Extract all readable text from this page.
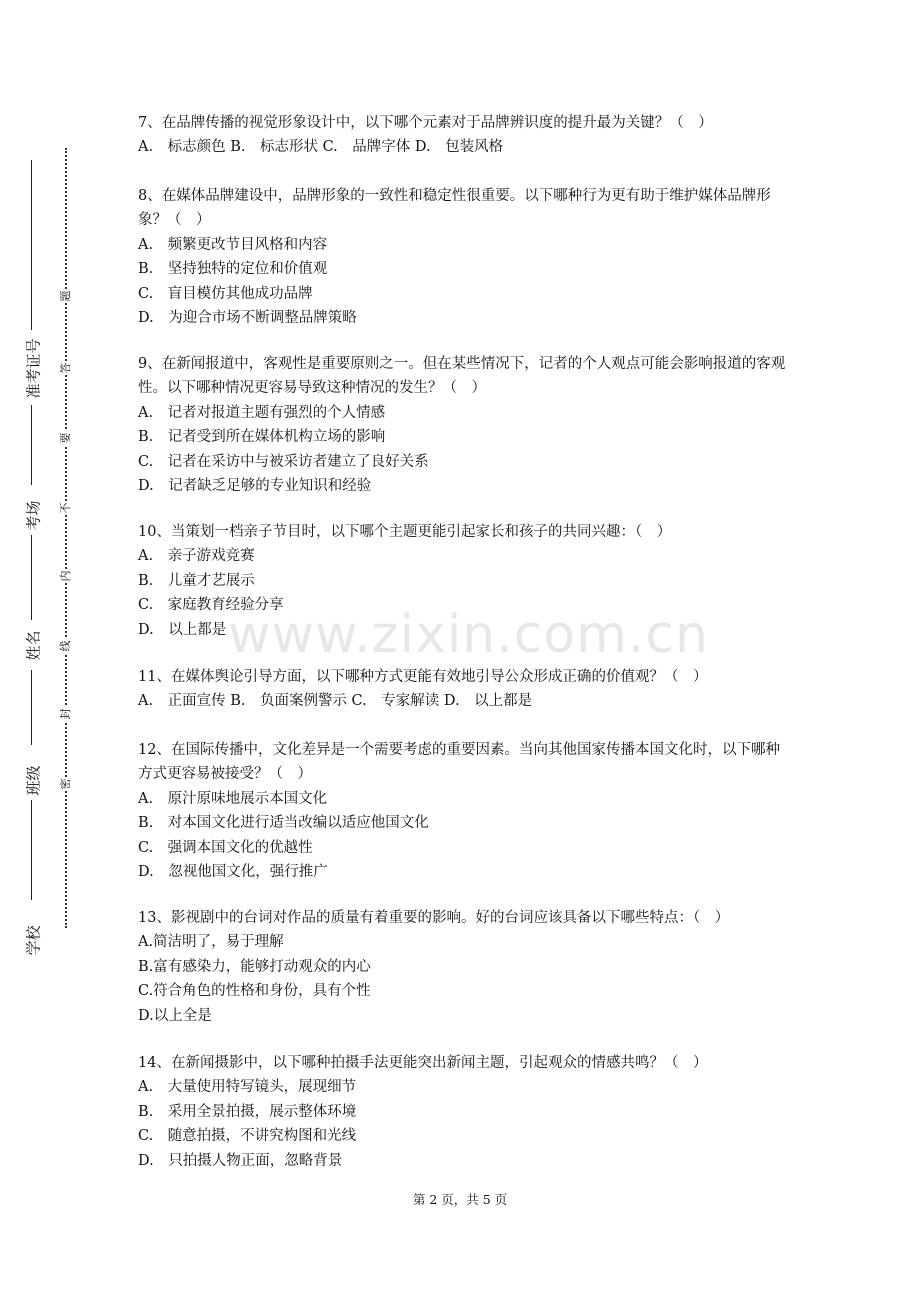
准考证号
考场
姓名
班级
学校
题
答
要
不
内
线
封
密
7、在品牌传播的视觉形象设计中，以下哪个元素对于品牌辨识度的提升最为关键？（　）
A.　标志颜色 B.　标志形状 C.　品牌字体 D.　包装风格
8、在媒体品牌建设中，品牌形象的一致性和稳定性很重要。以下哪种行为更有助于维护媒体品牌形象？（　）
A.　频繁更改节目风格和内容
B.　坚持独特的定位和价值观
C.　盲目模仿其他成功品牌
D.　为迎合市场不断调整品牌策略
9、在新闻报道中，客观性是重要原则之一。但在某些情况下，记者的个人观点可能会影响报道的客观性。以下哪种情况更容易导致这种情况的发生？（　）
A.　记者对报道主题有强烈的个人情感
B.　记者受到所在媒体机构立场的影响
C.　记者在采访中与被采访者建立了良好关系
D.　记者缺乏足够的专业知识和经验
10、当策划一档亲子节目时，以下哪个主题更能引起家长和孩子的共同兴趣：（　）
A.　亲子游戏竞赛
B.　儿童才艺展示
C.　家庭教育经验分享
D.　以上都是
11、在媒体舆论引导方面，以下哪种方式更能有效地引导公众形成正确的价值观？（　）
A.　正面宣传 B.　负面案例警示 C.　专家解读 D.　以上都是
12、在国际传播中，文化差异是一个需要考虑的重要因素。当向其他国家传播本国文化时，以下哪种方式更容易被接受？（　）
A.　原汁原味地展示本国文化
B.　对本国文化进行适当改编以适应他国文化
C.　强调本国文化的优越性
D.　忽视他国文化，强行推广
13、影视剧中的台词对作品的质量有着重要的影响。好的台词应该具备以下哪些特点：（　）
A.简洁明了，易于理解
B.富有感染力，能够打动观众的内心
C.符合角色的性格和身份，具有个性
D.以上全是
14、在新闻摄影中，以下哪种拍摄手法更能突出新闻主题，引起观众的情感共鸣？（　）
A.　大量使用特写镜头，展现细节
B.　采用全景拍摄，展示整体环境
C.　随意拍摄，不讲究构图和光线
D.　只拍摄人物正面，忽略背景
www.zixin.com.cn
第 2 页，共 5 页
